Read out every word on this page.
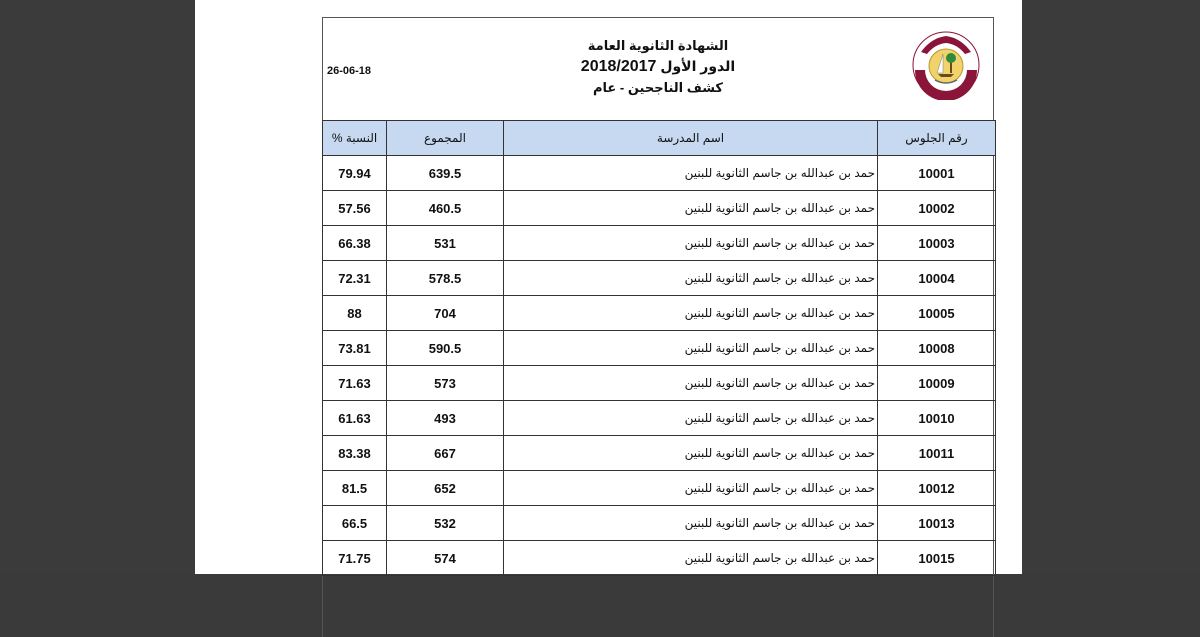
26-06-18
الشهادة الثانوية العامة
الدور الأول 2018/2017
كشف الناجحين - عام
رقم الجلوس	اسم المدرسة	المجموع	النسبة %
10001	حمد بن عبدالله بن جاسم الثانوية للبنين	639.5	79.94
10002	حمد بن عبدالله بن جاسم الثانوية للبنين	460.5	57.56
10003	حمد بن عبدالله بن جاسم الثانوية للبنين	531	66.38
10004	حمد بن عبدالله بن جاسم الثانوية للبنين	578.5	72.31
10005	حمد بن عبدالله بن جاسم الثانوية للبنين	704	88
10008	حمد بن عبدالله بن جاسم الثانوية للبنين	590.5	73.81
10009	حمد بن عبدالله بن جاسم الثانوية للبنين	573	71.63
10010	حمد بن عبدالله بن جاسم الثانوية للبنين	493	61.63
10011	حمد بن عبدالله بن جاسم الثانوية للبنين	667	83.38
10012	حمد بن عبدالله بن جاسم الثانوية للبنين	652	81.5
10013	حمد بن عبدالله بن جاسم الثانوية للبنين	532	66.5
10015	حمد بن عبدالله بن جاسم الثانوية للبنين	574	71.75
